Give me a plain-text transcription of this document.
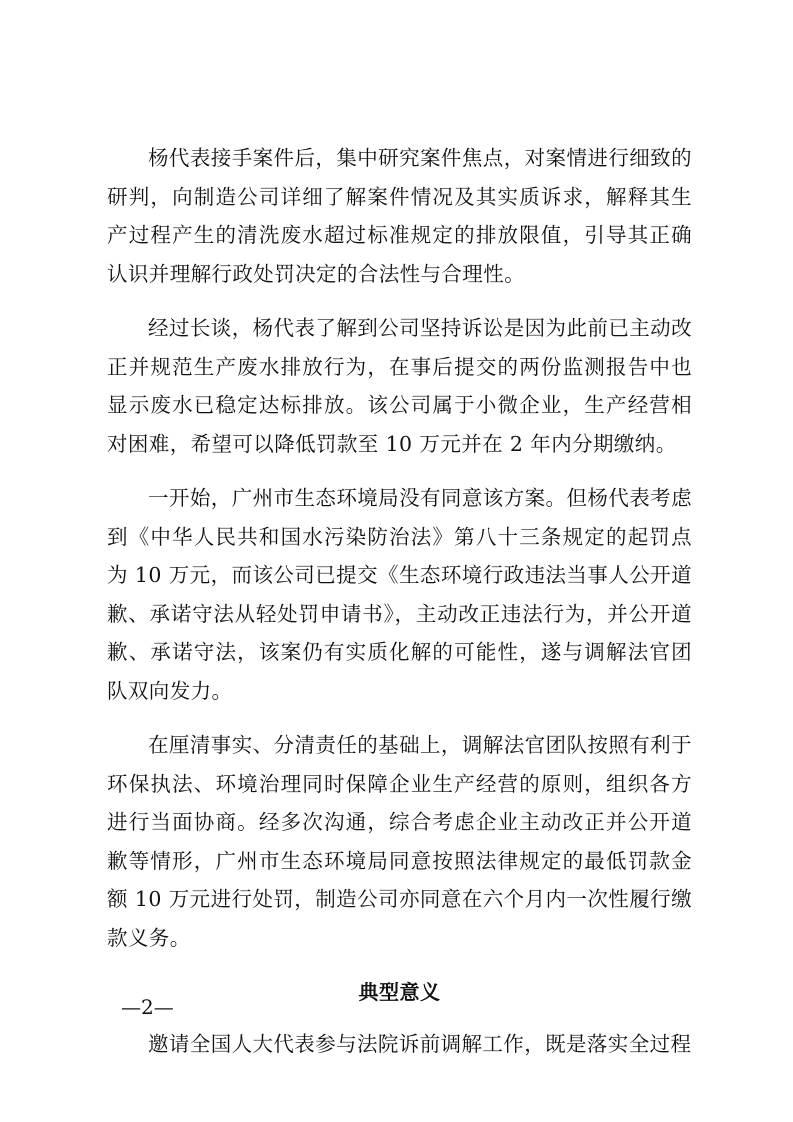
杨代表接手案件后，集中研究案件焦点，对案情进行细致的研判，向制造公司详细了解案件情况及其实质诉求，解释其生产过程产生的清洗废水超过标准规定的排放限值，引导其正确认识并理解行政处罚决定的合法性与合理性。

经过长谈，杨代表了解到公司坚持诉讼是因为此前已主动改正并规范生产废水排放行为，在事后提交的两份监测报告中也显示废水已稳定达标排放。该公司属于小微企业，生产经营相对困难，希望可以降低罚款至 10 万元并在 2 年内分期缴纳。

一开始，广州市生态环境局没有同意该方案。但杨代表考虑到《中华人民共和国水污染防治法》第八十三条规定的起罚点为 10 万元，而该公司已提交《生态环境行政违法当事人公开道歉、承诺守法从轻处罚申请书》，主动改正违法行为，并公开道歉、承诺守法，该案仍有实质化解的可能性，遂与调解法官团队双向发力。

在厘清事实、分清责任的基础上，调解法官团队按照有利于环保执法、环境治理同时保障企业生产经营的原则，组织各方进行当面协商。经多次沟通，综合考虑企业主动改正并公开道歉等情形，广州市生态环境局同意按照法律规定的最低罚款金额 10 万元进行处罚，制造公司亦同意在六个月内一次性履行缴款义务。

典型意义

邀请全国人大代表参与法院诉前调解工作，既是落实全过程

—2—
